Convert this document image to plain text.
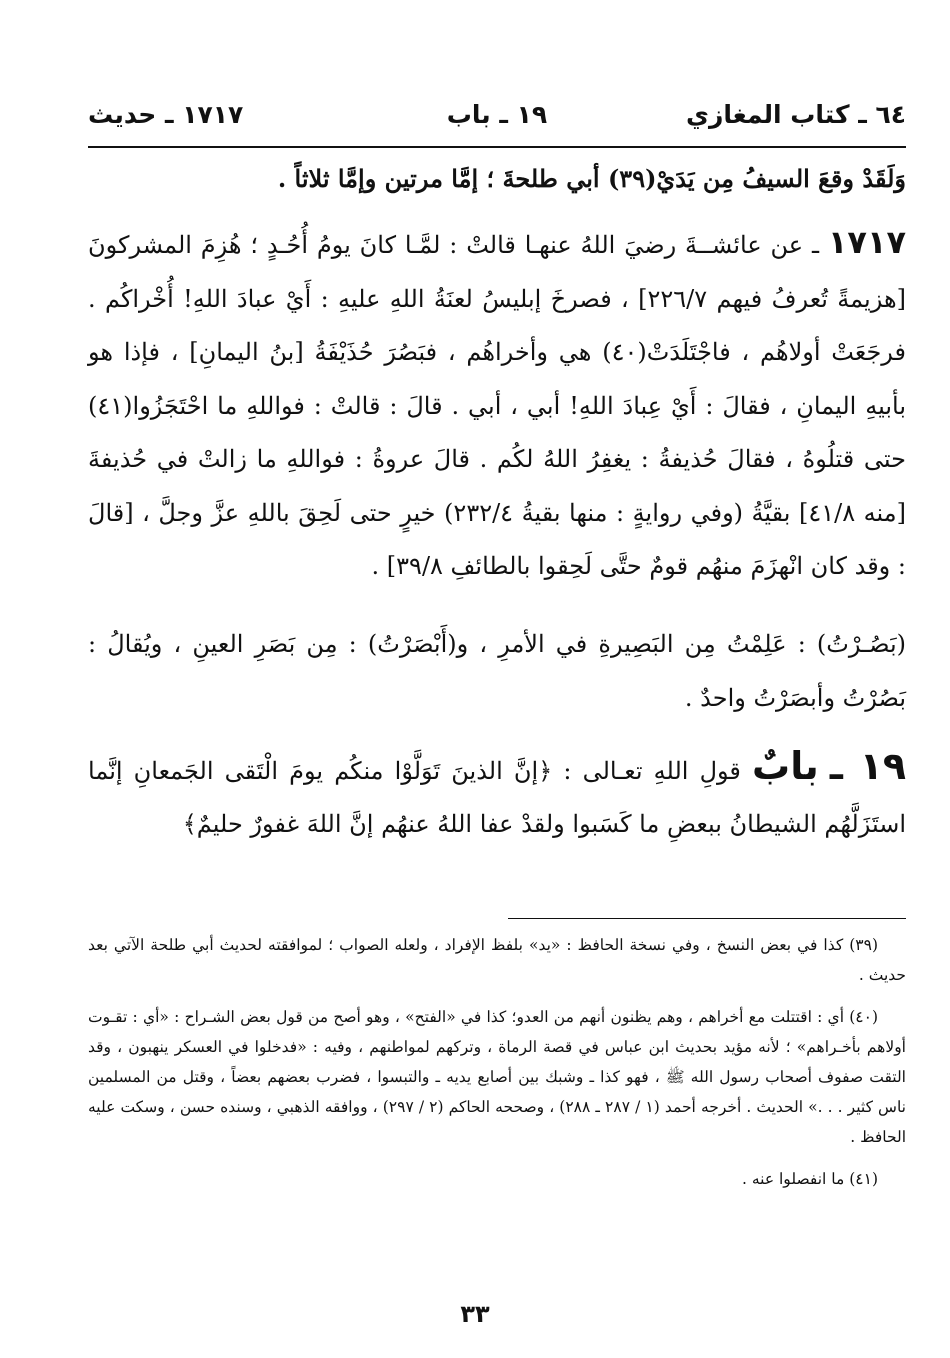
٦٤ ـ كتاب المغازي
١٩ ـ باب
١٧١٧ ـ حديث
وَلَقَدْ وقعَ السيفُ مِن يَدَيْ(٣٩) أبي طلحةَ ؛ إمَّا مرتين وإمَّا ثلاثاً .
١٧١٧ ـ عن عائشــةَ رضيَ اللهُ عنهـا قالتْ : لمَّـا كانَ يومُ أُحُـدٍ ؛ هُزِمَ المشركونَ [هزيمةً تُعرفُ فيهم ٢٢٦/٧] ، فصرخَ إبليسُ لعنَةُ اللهِ عليهِ : أَيْ عبادَ اللهِ! أُخْراكُم . فرجَعَتْ أولاهُم ، فاجْتَلَدَتْ(٤٠) هي وأخراهُم ، فبَصُرَ حُذَيْفَةُ [بنُ اليمانِ] ، فإذا هو بأبيهِ اليمانِ ، فقالَ : أَيْ عِبادَ اللهِ! أبي ، أبي . قالَ : قالتْ : فواللهِ ما احْتَجَزُوا(٤١) حتى قتلُوهُ ، فقالَ حُذيفةُ : يغفِرُ اللهُ لكُم . قالَ عروةُ : فواللهِ ما زالتْ في حُذيفةَ [منه ٤١/٨] بقيَّةُ (وفي روايةٍ : منها بقيةُ ٢٣٢/٤) خيرٍ حتى لَحِقَ باللهِ عزَّ وجلَّ ، [قالَ : وقد كان انْهزَمَ منهُم قومٌ حتَّى لَحِقوا بالطائفِ ٣٩/٨] .
(بَصُـرْتُ) : عَلِمْتُ مِن البَصِيرةِ في الأمرِ ، و(أَبْصَرْتُ) : مِن بَصَرِ العينِ ، ويُقالُ : بَصُرْتُ وأبصَرْتُ واحدٌ .
١٩ ـ بابٌ قولِ اللهِ تعـالى : ﴿إنَّ الذينَ تَوَلَّوْا منكُم يومَ الْتَقى الجَمعانِ إنَّما استَزَلَّهُم الشيطانُ ببعضِ ما كَسَبوا ولقدْ عفا اللهُ عنهُم إنَّ اللهَ غفورٌ حليمٌ﴾

(٣٩) كذا في بعض النسخ ، وفي نسخة الحافظ : «يد» بلفظ الإفراد ، ولعله الصواب ؛ لموافقته لحديث أبي طلحة الآتي بعد حديث .

(٤٠) أي : اقتتلت مع أخراهم ، وهم يظنون أنهم من العدو؛ كذا في «الفتح» ، وهو أصح من قول بعض الشـراح : «أي : تقـوت أولاهم بأخـراهم» ؛ لأنه مؤيد بحديث ابن عباس في قصة الرماة ، وتركهم لمواطنهم ، وفيه : «فدخلوا في العسكر ينهبون ، وقد التقت صفوف أصحاب رسول الله ﷺ ، فهو كذا ـ وشبك بين أصابع يديه ـ والتبسوا ، فضرب بعضهم بعضاً ، وقتل من المسلمين ناس كثير . . .» الحديث . أخرجه أحمد (١ / ٢٨٧ ـ ٢٨٨) ، وصححه الحاكم (٢ / ٢٩٧) ، ووافقه الذهبي ، وسنده حسن ، وسكت عليه الحافظ .

(٤١) ما انفصلوا عنه .

٣٣
